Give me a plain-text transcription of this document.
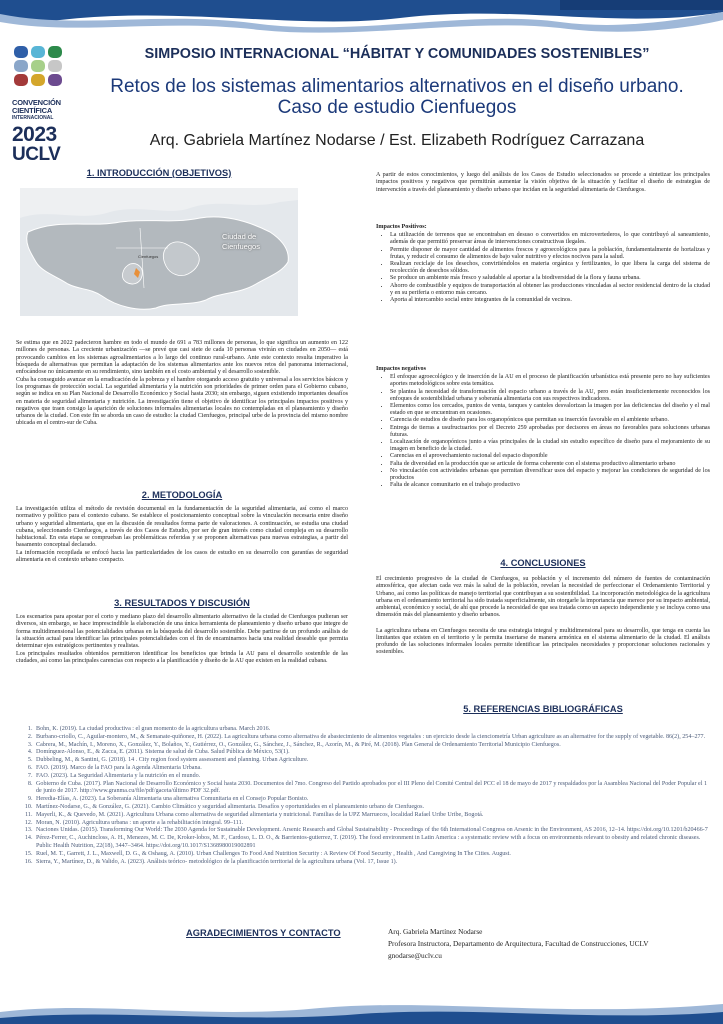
CONVENCIÓN
CIENTÍFICA
INTERNACIONAL
2023
UCLV
SIMPOSIO INTERNACIONAL “HÁBITAT Y COMUNIDADES SOSTENIBLES”
Retos de los sistemas alimentarios alternativos en el diseño urbano.
Caso de estudio Cienfuegos
Arq. Gabriela Martínez Nodarse / Est. Elizabeth Rodríguez Carrazana
1. INTRODUCCIÓN (OBJETIVOS)
Ciudad de
Cienfuegos
Cienfuegos

Se estima que en 2022 padecieron hambre en todo el mundo de 691 a 783 millones de personas, lo que significa un aumento en 122 millones de personas. La creciente urbanización —se prevé que casi siete de cada 10 personas vivirán en ciudades en 2050— está provocando cambios en los sistemas agroalimentarios a lo largo del continuo rural-urbano. Ante este contexto resulta imperativo la búsqueda de alternativas que permitan la adaptación de los sistemas alimentarios ante los nuevos retos del panorama internacional, enfocándose no únicamente en su rendimiento, sino también en el costo ambiental y el desarrollo sostenible.

Cuba ha conseguido avanzar en la erradicación de la pobreza y el hambre otorgando acceso gratuito y universal a los servicios básicos y los programas de protección social. La seguridad alimentaria y la nutrición son prioridades de primer orden para el Gobierno cubano, según se indica en su Plan Nacional de Desarrollo Económico y Social hasta 2030; sin embargo, siguen existiendo importantes desafíos en materia de seguridad alimentaria y nutrición. La investigación tiene el objetivo de identificar los principales impactos positivos y negativos que traen consigo la aparición de soluciones informales alimentarias locales no contempladas en el planeamiento y diseño urbanos de la ciudad. Con este fin se aborda un caso de estudio: la ciudad Cienfuegos, principal urbe de la provincia del mismo nombre ubicada en el centro-sur de Cuba.

2. METODOLOGÍA

La investigación utiliza el método de revisión documental en la fundamentación de la seguridad alimentaria, así como el marco normativo y político para el contexto cubano. Se establece el posicionamiento conceptual sobre la vinculación necesaria entre diseño urbano y seguridad alimentaria, que en la discusión de resultados forma parte de valoraciones. A continuación, se estudia una ciudad cubana, seleccionando Cienfuegos, a través de dos Casos de Estudio, por ser de gran interés como ciudad compleja en su desarrollo habitacional. En esta etapa se comprueban las problemáticas referidas y se proponen alternativas para nuevas estrategias, a partir del basamento conceptual declarado.

La información recopilada se enfocó hacia las particularidades de los casos de estudio en su desarrollo con garantías de seguridad alimentaria en el contexto urbano compacto.

3. RESULTADOS Y DISCUSIÓN

Los escenarios para apostar por el corto y mediano plazo del desarrollo alimentario alternativo de la ciudad de Cienfuegos pudieran ser diversos, sin embargo, se hace imprescindible la elaboración de una única herramienta de planeamiento y diseño urbano que integre de forma multidimensional las potencialidades urbanas en la búsqueda del desarrollo sostenible. Debe partirse de un profundo análisis de la situación actual para identificar las principales potencialidades con el fin de encaminarnos hacia una realidad deseable que permita determinar ejes estratégicos pertinentes y realistas.

Los principales resultados obtenidos permitieron identificar los beneficios que brinda la AU para el desarrollo sostenible de las ciudades, así como las principales carencias con respecto a la planificación y diseño de la AU que existen en la realidad cubana.

A partir de estos conocimientos, y luego del análisis de los Casos de Estudio seleccionados se procede a sintetizar los principales impactos positivos y negativos que permitirán aumentar la visión objetiva de la situación y facilitar el diseño de estrategias de intervención a través del planeamiento y diseño urbano que incidan en la seguridad alimentaria de Cienfuegos.
Impactos Positivos:
• La utilización de terrenos que se encontraban en desuso o convertidos en microvertederos, lo que contribuyó al saneamiento, además de que permitió preservar áreas de intervenciones constructivas ilegales.
• Permite disponer de mayor cantidad de alimentos frescos y agroecológicos para la población, fundamentalmente de hortalizas y frutas, y reducir el consumo de alimentos de bajo valor nutritivo y efectos nocivos para la salud.
• Realizan reciclaje de los desechos, convirtiéndolos en materia orgánica y fertilizantes, lo que libera la carga del sistema de recolección de desechos sólidos.
• Se produce un ambiente más fresco y saludable al aportar a la biodiversidad de la flora y fauna urbana.
• Ahorro de combustible y equipos de transportación al obtener las producciones vinculadas al sector residencial dentro de la ciudad y en su periferia o entorno más cercano.
• Aporta al intercambio social entre integrantes de la comunidad de vecinos.
Impactos negativos
• El enfoque agroecológico y de inserción de la AU en el proceso de planificación urbanística está presente pero no hay suficientes aportes metodológicos sobre esta temática.
• Se plantea la necesidad de transformación del espacio urbano a través de la AU, pero están insuficientemente reconocidos los enfoques de sostenibilidad urbana y soberanía alimentaria con sus respectivos indicadores.
• Elementos como los cercados, puntos de venta, tanques y canteles desvalorizan la imagen por las deficiencias del diseño y el mal estado en que se encuentran en ocasiones.
• Carencia de estudios de diseño para los organopónicos que permitan su inserción favorable en el ambiente urbano.
• Entrega de tierras a usufructuarios por el Decreto 259 aprobadas por decisores en áreas no favorables para soluciones urbanas futuras.
• Localización de organopónicos junto a vías principales de la ciudad sin estudio específico de diseño para el mejoramiento de su imagen en beneficio de la ciudad.
• Carencias en el aprovechamiento racional del espacio disponible
• Falta de diversidad en la producción que se articule de forma coherente con el sistema productivo alimentario urbano
• No vinculación con actividades urbanas que permitan diversificar usos del espacio y mejorar las condiciones de seguridad de los productos
• Falta de alcance comunitario en el trabajo productivo
4. CONCLUSIONES

El crecimiento progresivo de la ciudad de Cienfuegos, su población y el incremento del número de fuentes de contaminación atmosférica, que afectan cada vez más la salud de la población, revelan la necesidad de perfeccionar el Ordenamiento Territorial y Urbano, así como las políticas de manejo territorial que contribuyan a su sostenibilidad. La incorporación metodológica de la agricultura urbana en el ordenamiento territorial ha sido tratada superficialmente, sin otorgarle la importancia que merece por su impacto ambiental, ambiental, económico y social, de ahí que procede la necesidad de que sea tratada como un aspecto independiente y se incluya como una dimensión más del planeamiento y diseño urbanos.

La agricultura urbana en Cienfuegos necesita de una estrategia integral y multidimensional para su desarrollo, que tenga en cuenta las limitantes que existen en el territorio y le permita insertarse de manera armónica en el sistema alimentario de la ciudad. El análisis profundo de las soluciones informales locales permite identificar las principales necesidades y proporcionar soluciones racionales y sostenibles.

5. REFERENCIAS BIBLIOGRÁFICAS
1. Bohn, K. (2019). La ciudad productiva : el gran momento de la agricultura urbana. March 2016.
2. Burbano-criollo, C., Aguilar-montero, M., & Semanate-quiñonez, H. (2022). La agricultura urbana como alternativa de abastecimiento de alimentos vegetales : un ejercicio desde la cienciometría Urban agriculture as an alternative for the supply of vegetable. 86(2), 254–277.
3. Cabrera, M., Machín, I., Moreno, X., González, Y., Bolaños, Y., Gutiérrez, O., González, G., Sánchez, J., Sánchez, R., Azorín, M., & Piré, M. (2018). Plan General de Ordenamiento Territorial Municipio Cienfuegos.
4. Domínguez-Alonso, E., & Zacca, E. (2011). Sistema de salud de Cuba. Salud Pública de México, 53(1).
5. Dubbeling, M., & Santini, G. (2018). 14 . City region food system assessment and planning. Urban Agriculture.
6. FAO. (2019). Marco de la FAO para la Agenda Alimentaria Urbana.
7. FAO. (2023). La Seguridad Alimentaria y la nutrición en el mundo.
8. Gobierno de Cuba. (2017). Plan Nacional de Desarrollo Económico y Social hasta 2030. Documentos del 7mo. Congreso del Partido aprobados por el III Pleno del Comité Central del PCC el 18 de mayo de 2017 y respaldados por la Asamblea Nacional del Poder Popular el 1 de junio de 2017. http://www.granma.cu/file/pdf/gaceta/último PDF 32.pdf.
9. Heredia-Elías, A. (2023). La Soberanía Alimentaria una alternativa Comunitaria en el Consejo Popular Bonisto.
10. Martínez-Nodarse, G., & González, G. (2021). Cambio Climático y seguridad alimentaria. Desafíos y oportunidades en el planeamiento urbano de Cienfuegos.
11. Mayerli, K., & Quevedo, M. (2021). Agricultura Urbana como alternativa de seguridad alimentaria y nutricional. Familias de la UPZ Marruecos, localidad Rafael Uribe Uribe, Bogotá.
12. Moran, N. (2010). Agricultura urbana : un aporte a la rehabilitación integral. 99–111.
13. Naciones Unidas. (2015). Transforming Our World: The 2030 Agenda for Sustainable Development. Arsenic Research and Global Sustainability - Proceedings of the 6th International Congress on Arsenic in the Environment, AS 2016, 12–14. https://doi.org/10.1201/b20466-7
14. Pérez-Ferrer, C., Auchincloss, A. H., Menezes, M. C. De, Kroker-lobos, M. F., Cardoso, L. D. O., & Barrientos-gutierrez, T. (2019). The food environment in Latin America : a systematic review with a focus on environments relevant to obesity and related chronic diseases. Public Health Nutrition, 22(18), 3447–3464. https://doi.org/10.1017/S1368980019002891
15. Ruel, M. T., Garrett, J. L., Maxwell, D. G., & Oshaug, A. (2010). Urban Challenges To Food And Nutrition Security : A Review Of Food Security , Health , And Caregiving In The Cities. August.
16. Sierra, Y., Martínez, D., & Valido, A. (2023). Análisis teórico- metodológico de la planificación territorial de la agricultura urbana (Vol. 17, Issue 1).
AGRADECIMIENTOS Y CONTACTO	Arq. Gabriela Martínez Nodarse
Profesora Instructora, Departamento de Arquitectura, Facultad de Construcciones, UCLV
gnodarse@uclv.cu
